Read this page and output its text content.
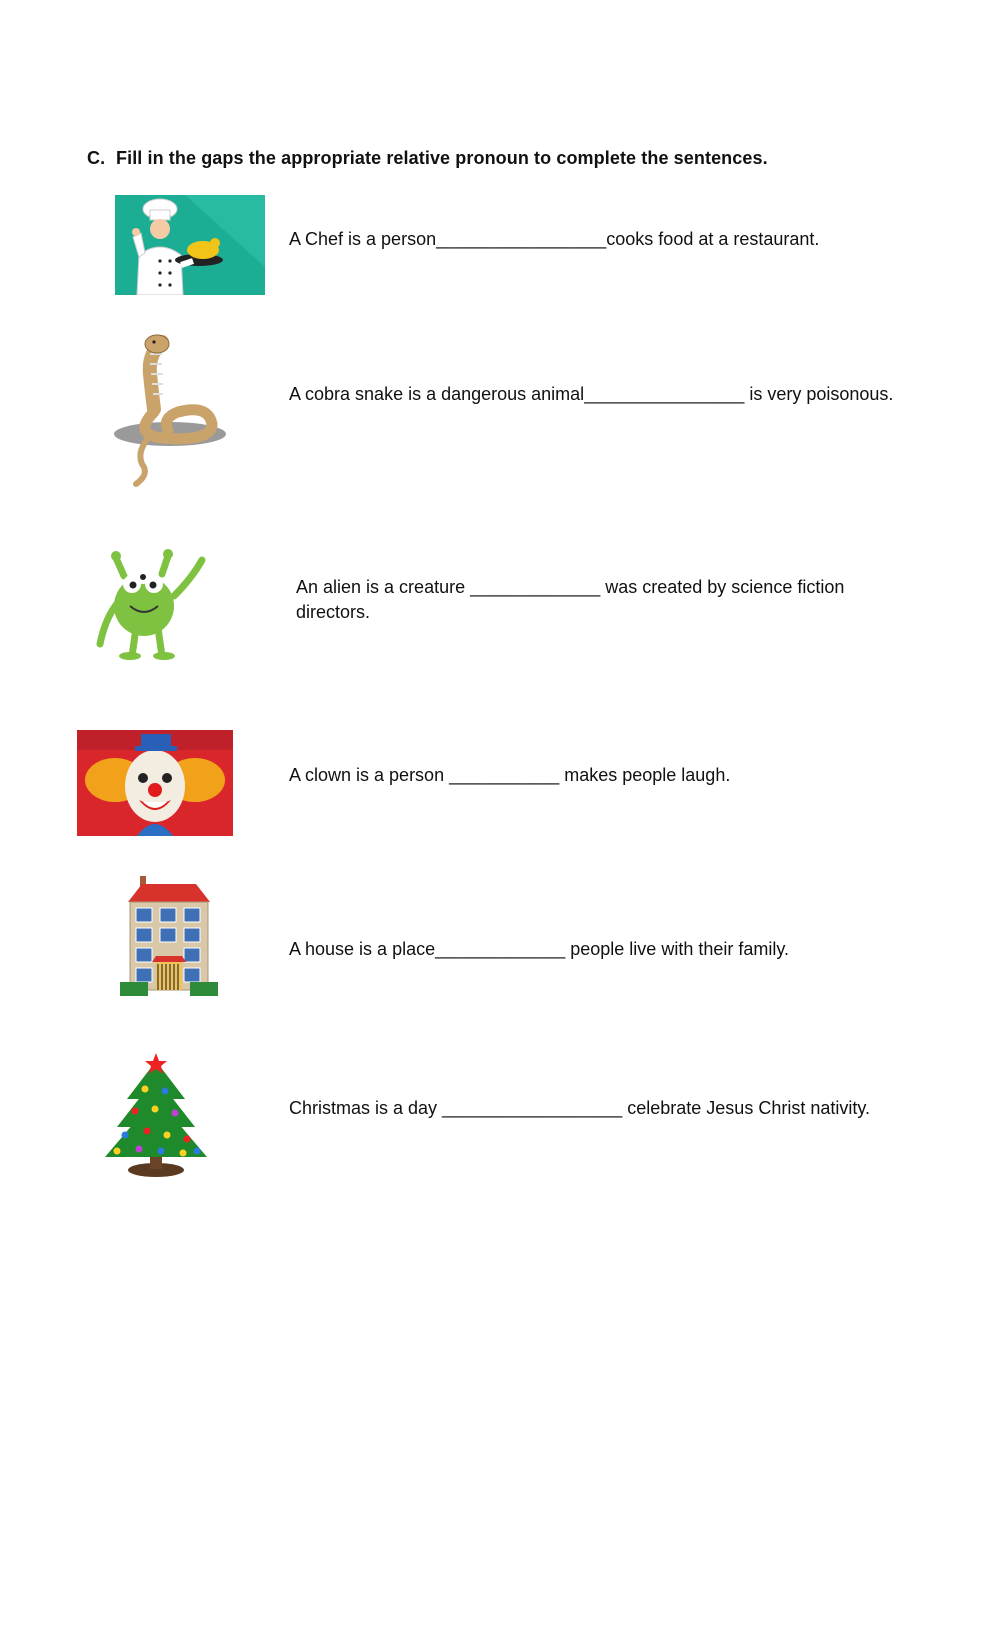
C. Fill in the gaps the appropriate relative pronoun to complete the sentences.
A Chef is a person_________________cooks food at a restaurant.
A cobra snake is a dangerous animal________________ is very poisonous.
An alien is a creature _____________ was created by science fiction directors.
A clown is a person ___________ makes people laugh.
A house is a place_____________ people live with their family.
Christmas is a day __________________ celebrate Jesus Christ nativity.
